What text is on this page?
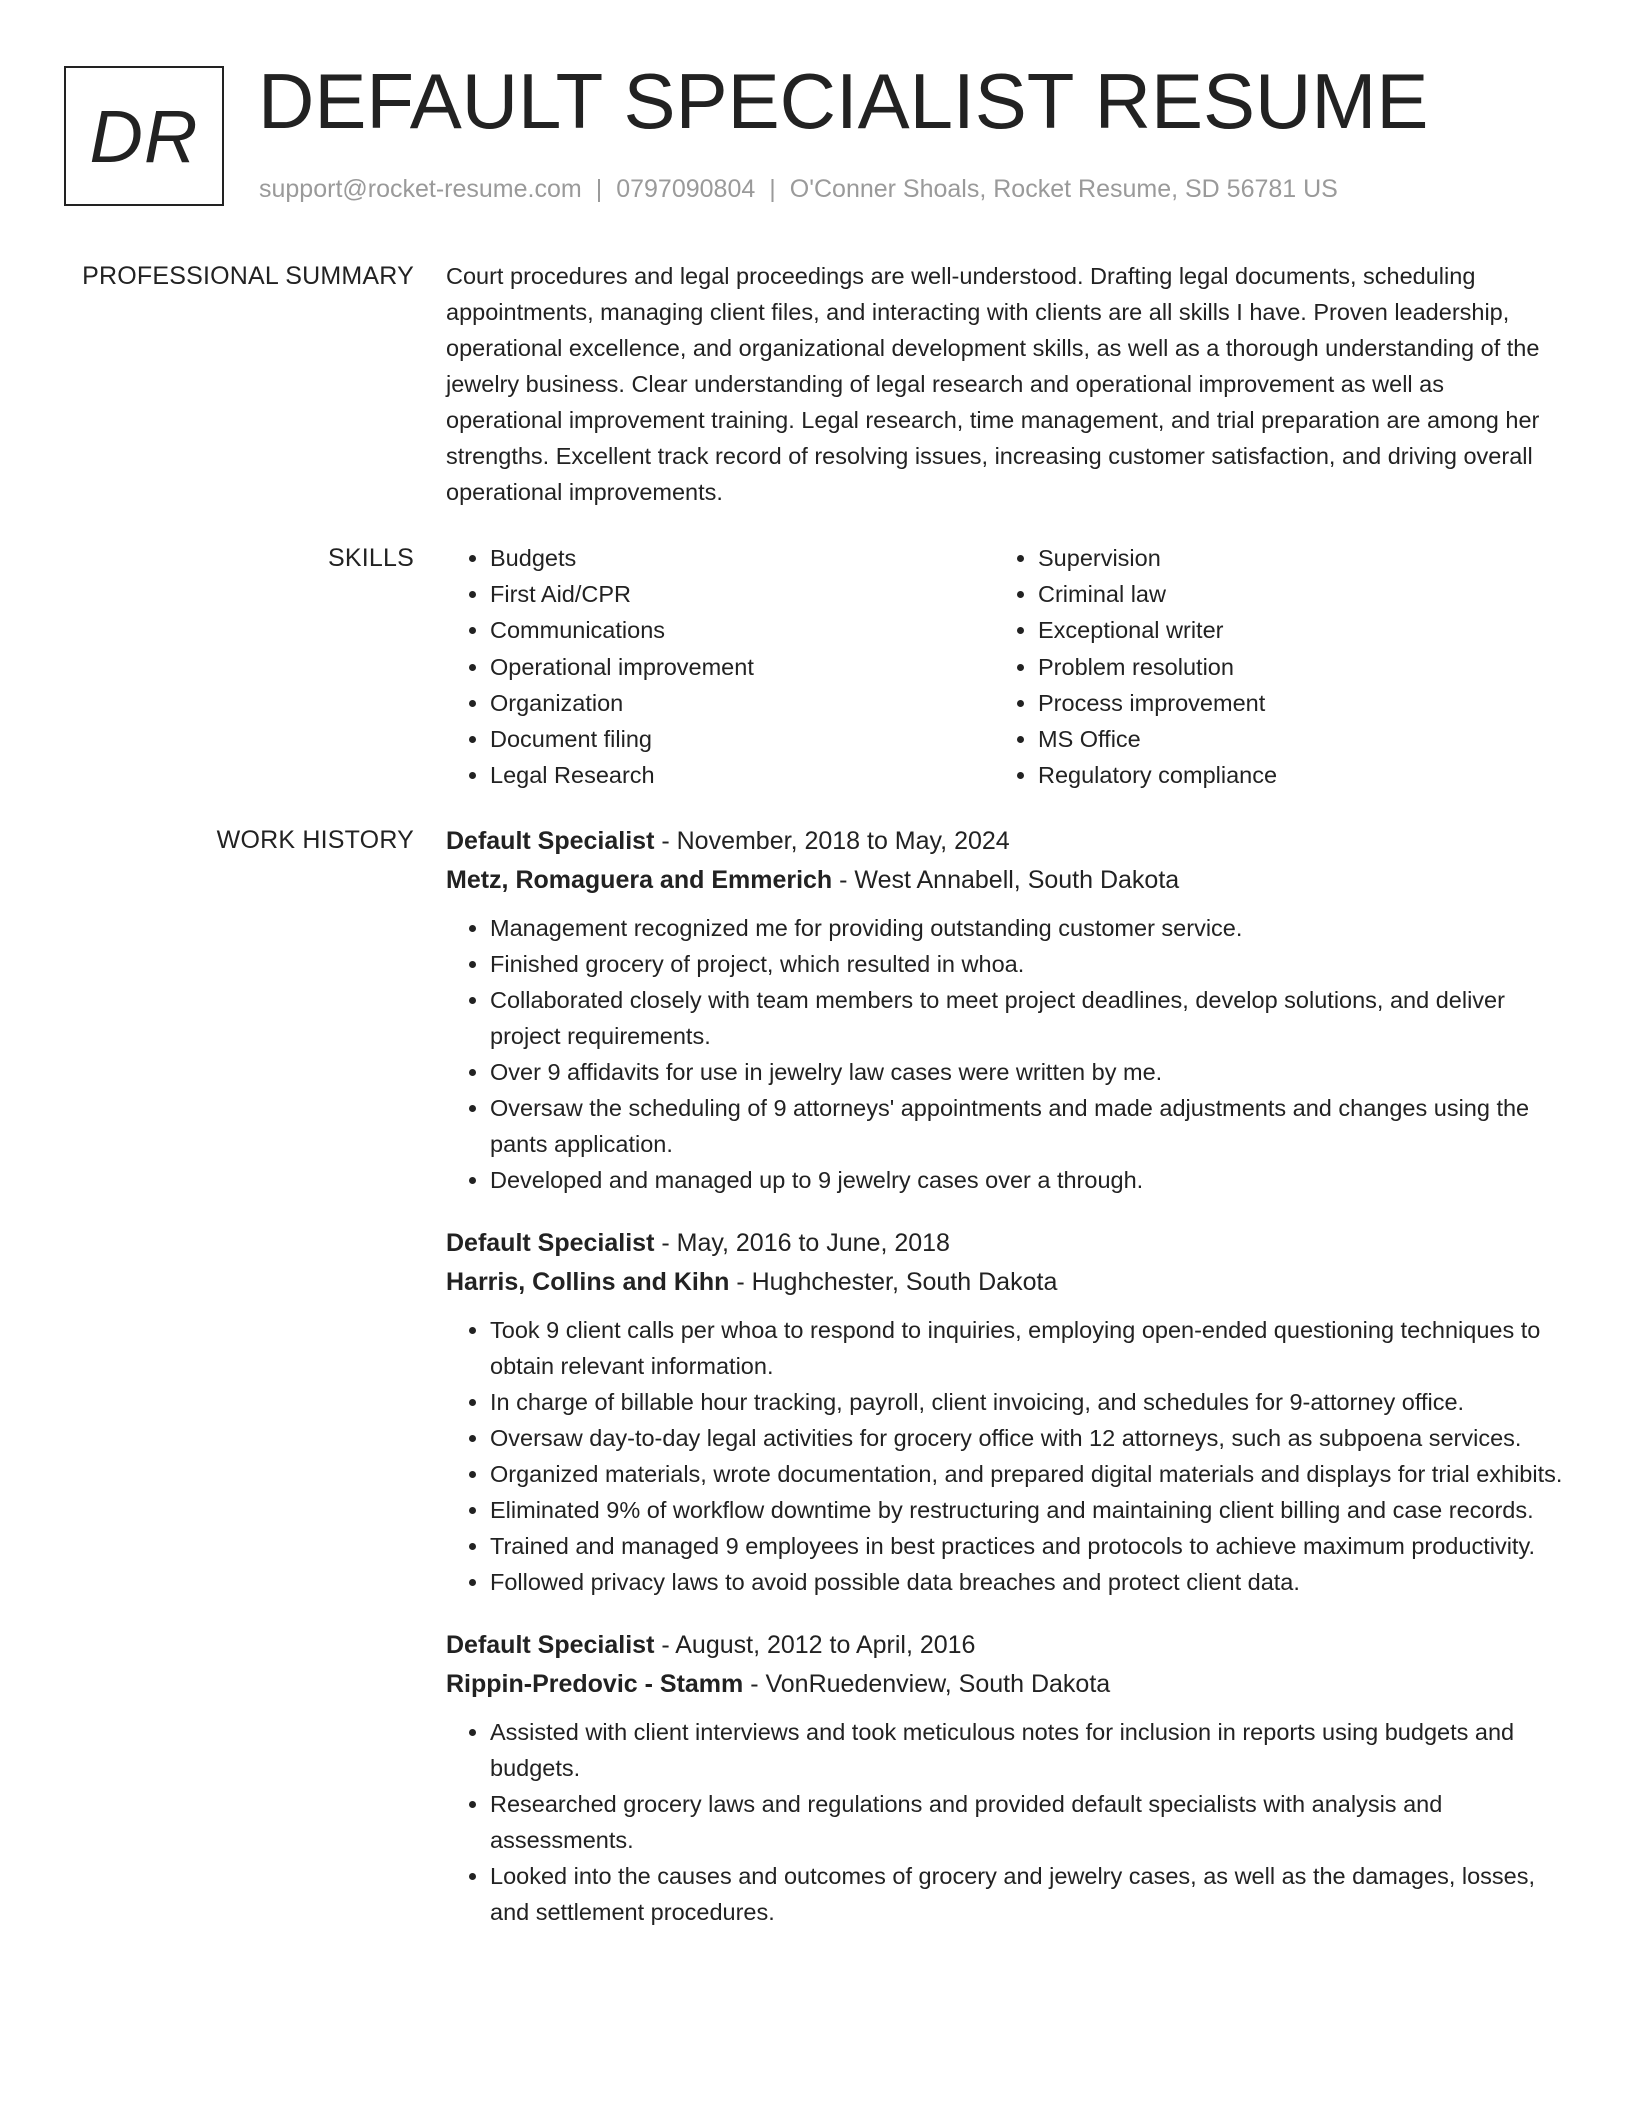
DR DEFAULT SPECIALIST RESUME
support@rocket-resume.com | 0797090804 | O'Conner Shoals, Rocket Resume, SD 56781 US
PROFESSIONAL SUMMARY Court procedures and legal proceedings are well-understood. Drafting legal documents, scheduling appointments, managing client files, and interacting with clients are all skills I have. Proven leadership, operational excellence, and organizational development skills, as well as a thorough understanding of the jewelry business. Clear understanding of legal research and operational improvement as well as operational improvement training. Legal research, time management, and trial preparation are among her strengths. Excellent track record of resolving issues, increasing customer satisfaction, and driving overall operational improvements.

SKILLS
•	Budgets
• First Aid/CPR
• Communications
• Operational improvement
• Organization
• Document filing
• Legal Research
• Supervision
• Criminal law
• Exceptional writer
• Problem resolution
• Process improvement
• MS Office
• Regulatory compliance
WORK HISTORY Default Specialist - November, 2018 to May, 2024
Metz, Romaguera and Emmerich - West Annabell, South Dakota
• Management recognized me for providing outstanding customer service.
• Finished grocery of project, which resulted in whoa.
• Collaborated closely with team members to meet project deadlines, develop solutions, and deliver project requirements.
• Over 9 affidavits for use in jewelry law cases were written by me.
• Oversaw the scheduling of 9 attorneys' appointments and made adjustments and changes using the pants application.
• Developed and managed up to 9 jewelry cases over a through.
Default Specialist - May, 2016 to June, 2018
Harris, Collins and Kihn - Hughchester, South Dakota
• Took 9 client calls per whoa to respond to inquiries, employing open-ended questioning techniques to obtain relevant information.
• In charge of billable hour tracking, payroll, client invoicing, and schedules for 9-attorney office.
• Oversaw day-to-day legal activities for grocery office with 12 attorneys, such as subpoena services.
• Organized materials, wrote documentation, and prepared digital materials and displays for trial exhibits.
• Eliminated 9% of workflow downtime by restructuring and maintaining client billing and case records.
• Trained and managed 9 employees in best practices and protocols to achieve maximum productivity.
• Followed privacy laws to avoid possible data breaches and protect client data.
Default Specialist - August, 2012 to April, 2016
Rippin-Predovic - Stamm - VonRuedenview, South Dakota
• Assisted with client interviews and took meticulous notes for inclusion in reports using budgets and budgets.
• Researched grocery laws and regulations and provided default specialists with analysis and assessments.
• Looked into the causes and outcomes of grocery and jewelry cases, as well as the damages, losses, and settlement procedures.
